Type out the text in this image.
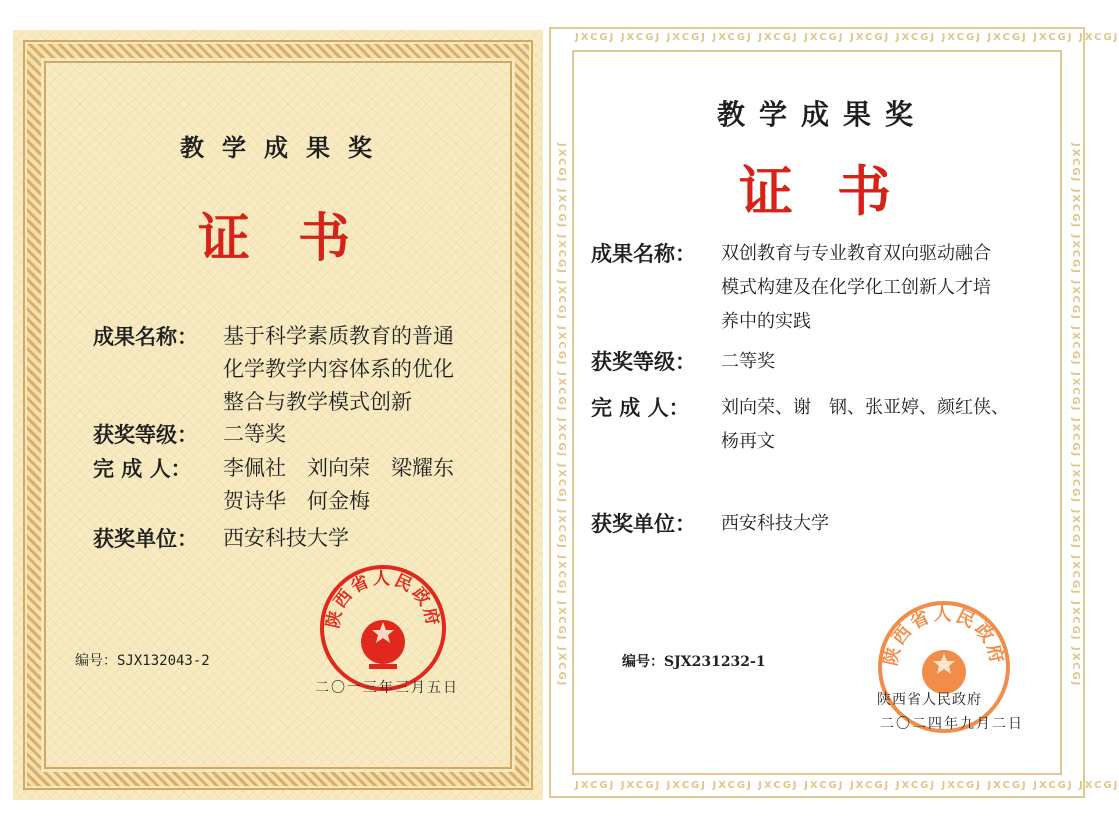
教学成果奖
证书
成果名称： 基于科学素质教育的普通
化学教学内容体系的优化
整合与教学模式创新
获奖等级： 二等奖
完 成 人： 李佩社　刘向荣　梁耀东
贺诗华　何金梅
获奖单位： 西安科技大学
陕西省人民政府
编号：SJX132043-2
二〇一三年三月五日
JXCGJ JXCGJ JXCGJ JXCGJ JXCGJ JXCGJ JXCGJ JXCGJ JXCGJ JXCGJ JXCGJ JXCGJ
JXCGJ JXCGJ JXCGJ JXCGJ JXCGJ JXCGJ JXCGJ JXCGJ JXCGJ JXCGJ JXCGJ JXCGJ
JXCGJ JXCGJ JXCGJ JXCGJ JXCGJ JXCGJ JXCGJ JXCGJ JXCGJ JXCGJ JXCGJ JXCGJ	JXCGJ JXCGJ JXCGJ JXCGJ JXCGJ JXCGJ JXCGJ JXCGJ JXCGJ JXCGJ JXCGJ JXCGJ
教学成果奖
证书
成果名称： 双创教育与专业教育双向驱动融合
模式构建及在化学化工创新人才培
养中的实践
获奖等级： 二等奖
完 成 人： 刘向荣、谢　钢、张亚婷、颜红侠、
杨再文
获奖单位： 西安科技大学
陕西省人民政府
编号：SJX231232-1
陕西省人民政府
二〇二四年九月二日
